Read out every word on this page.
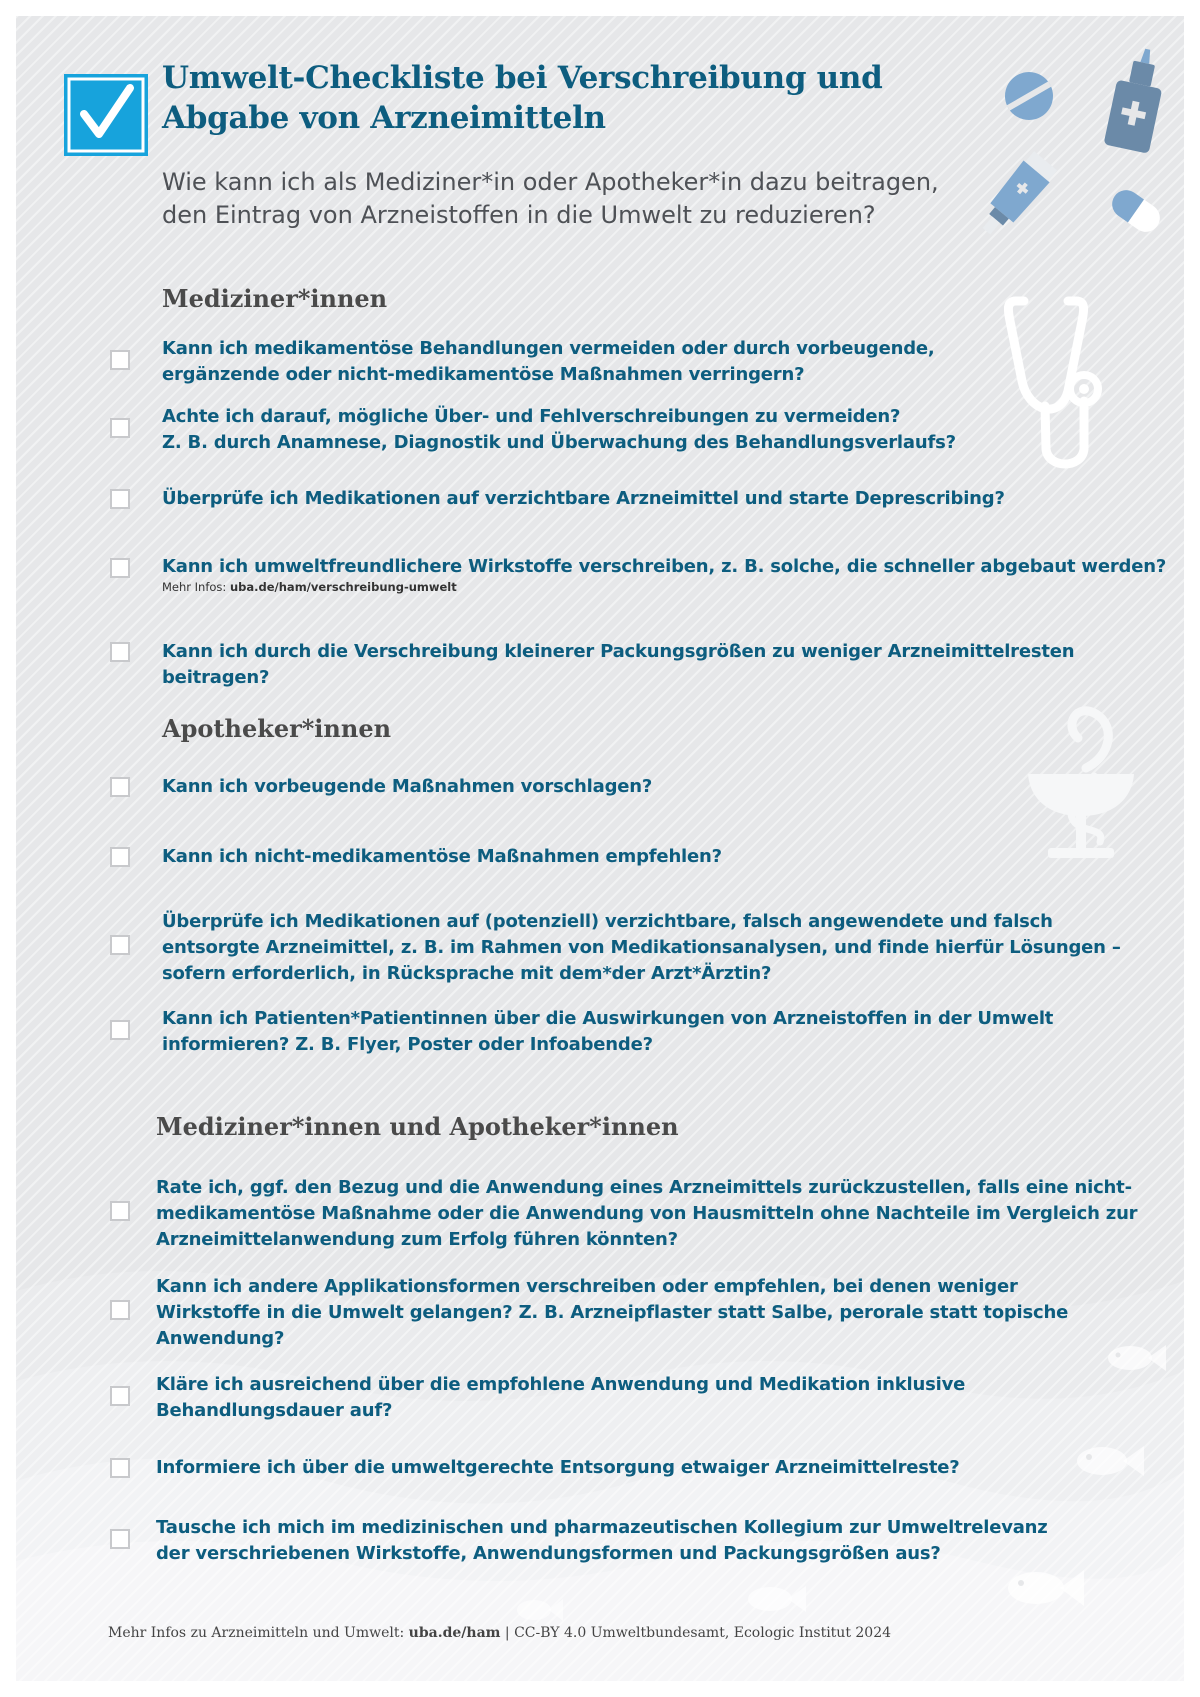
Umwelt-Checkliste bei Verschreibung und
Abgabe von Arzneimitteln

Wie kann ich als Mediziner*in oder Apotheker*in dazu beitragen,
den Eintrag von Arzneistoffen in die Umwelt zu reduzieren?

Mediziner*innen
Kann ich medikamentöse Behandlungen vermeiden oder durch vorbeugende,
ergänzende oder nicht-medikamentöse Maßnahmen verringern?
Achte ich darauf, mögliche Über- und Fehlverschreibungen zu vermeiden?
Z. B. durch Anamnese, Diagnostik und Überwachung des Behandlungsverlaufs?
Überprüfe ich Medikationen auf verzichtbare Arzneimittel und starte Deprescribing?
Kann ich umweltfreundlichere Wirkstoffe verschreiben, z. B. solche, die schneller abgebaut werden?
Mehr Infos: uba.de/ham/verschreibung-umwelt
Kann ich durch die Verschreibung kleinerer Packungsgrößen zu weniger Arzneimittelresten beitragen?
Apotheker*innen
Kann ich vorbeugende Maßnahmen vorschlagen?
Kann ich nicht-medikamentöse Maßnahmen empfehlen?
Überprüfe ich Medikationen auf (potenziell) verzichtbare, falsch angewendete und falsch
entsorgte Arzneimittel, z. B. im Rahmen von Medikationsanalysen, und finde hierfür Lösungen –
sofern erforderlich, in Rücksprache mit dem*der Arzt*Ärztin?
Kann ich Patienten*Patientinnen über die Auswirkungen von Arzneistoffen in der Umwelt
informieren? Z. B. Flyer, Poster oder Infoabende?
Mediziner*innen und Apotheker*innen
Rate ich, ggf. den Bezug und die Anwendung eines Arzneimittels zurückzustellen, falls eine nicht-
medikamentöse Maßnahme oder die Anwendung von Hausmitteln ohne Nachteile im Vergleich zur
Arzneimittelanwendung zum Erfolg führen könnten?
Kann ich andere Applikationsformen verschreiben oder empfehlen, bei denen weniger
Wirkstoffe in die Umwelt gelangen? Z. B. Arzneipflaster statt Salbe, perorale statt topische
Anwendung?
Kläre ich ausreichend über die empfohlene Anwendung und Medikation inklusive
Behandlungsdauer auf?
Informiere ich über die umweltgerechte Entsorgung etwaiger Arzneimittelreste?
Tausche ich mich im medizinischen und pharmazeutischen Kollegium zur Umweltrelevanz
der verschriebenen Wirkstoffe, Anwendungsformen und Packungsgrößen aus?

Mehr Infos zu Arzneimitteln und Umwelt: uba.de/ham | CC-BY 4.0 Umweltbundesamt, Ecologic Institut 2024
